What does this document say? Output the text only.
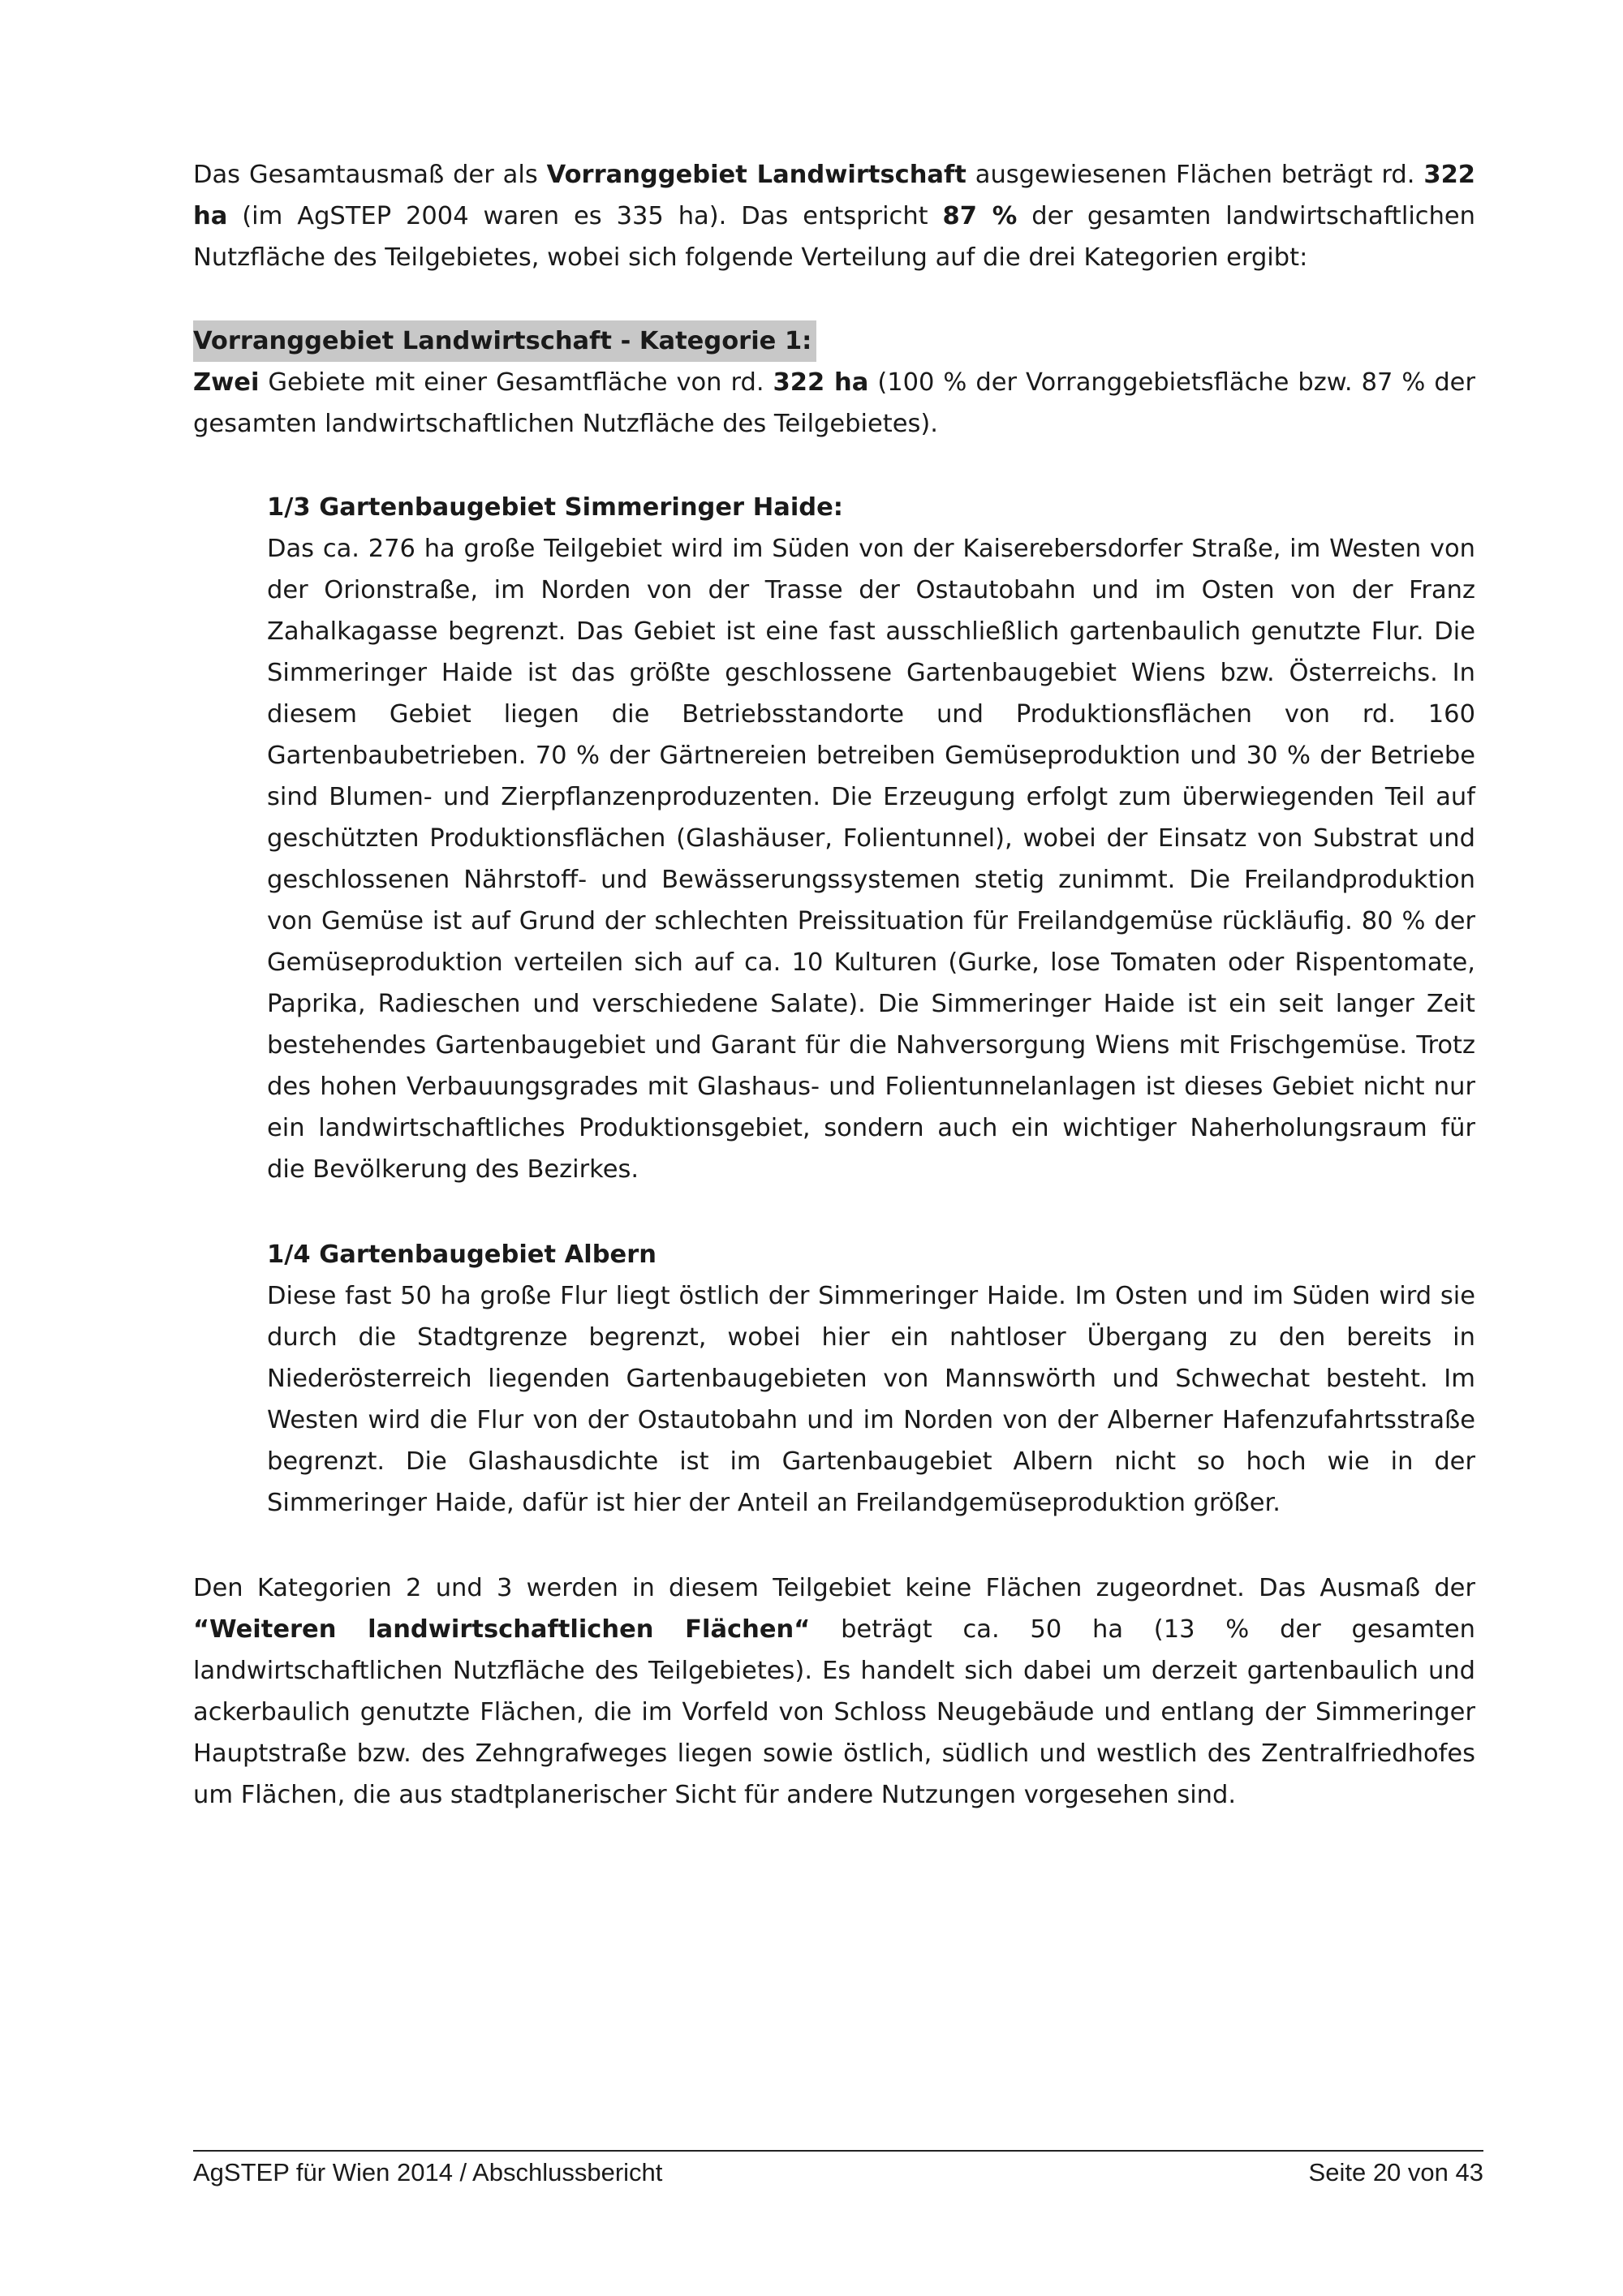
Das Gesamtausmaß der als Vorranggebiet Landwirtschaft ausgewiesenen Flächen beträgt rd. 322 ha (im AgSTEP 2004 waren es 335 ha). Das entspricht 87 % der gesamten landwirtschaftlichen Nutzfläche des Teilgebietes, wobei sich folgende Verteilung auf die drei Kategorien ergibt:

Vorranggebiet Landwirtschaft - Kategorie 1:

Zwei Gebiete mit einer Gesamtfläche von rd. 322 ha (100 % der Vorranggebietsfläche bzw. 87 % der gesamten landwirtschaftlichen Nutzfläche des Teilgebietes).

1/3 Gartenbaugebiet Simmeringer Haide:

Das ca. 276 ha große Teilgebiet wird im Süden von der Kaiserebersdorfer Straße, im Westen von der Orionstraße, im Norden von der Trasse der Ostautobahn und im Osten von der Franz Zahalkagasse begrenzt. Das Gebiet ist eine fast ausschließlich gartenbaulich genutzte Flur. Die Simmeringer Haide ist das größte geschlossene Gartenbaugebiet Wiens bzw. Österreichs. In diesem Gebiet liegen die Betriebsstandorte und Produktionsflächen von rd. 160 Gartenbaubetrieben. 70 % der Gärtnereien betreiben Gemüseproduktion und 30 % der Betriebe sind Blumen- und Zierpflanzenproduzenten. Die Erzeugung erfolgt zum überwiegenden Teil auf geschützten Produktionsflächen (Glashäuser, Folientunnel), wobei der Einsatz von Substrat und geschlossenen Nährstoff- und Bewässerungssystemen stetig zunimmt. Die Freilandproduktion von Gemüse ist auf Grund der schlechten Preissituation für Freilandgemüse rückläufig. 80 % der Gemüseproduktion verteilen sich auf ca. 10 Kulturen (Gurke, lose Tomaten oder Rispentomate, Paprika, Radieschen und verschiedene Salate). Die Simmeringer Haide ist ein seit langer Zeit bestehendes Gartenbaugebiet und Garant für die Nahversorgung Wiens mit Frischgemüse. Trotz des hohen Verbauungsgrades mit Glashaus- und Folientunnelanlagen ist dieses Gebiet nicht nur ein landwirtschaftliches Produktionsgebiet, sondern auch ein wichtiger Naherholungsraum für die Bevölkerung des Bezirkes.

1/4 Gartenbaugebiet Albern

Diese fast 50 ha große Flur liegt östlich der Simmeringer Haide. Im Osten und im Süden wird sie durch die Stadtgrenze begrenzt, wobei hier ein nahtloser Übergang zu den bereits in Niederösterreich liegenden Gartenbaugebieten von Mannswörth und Schwechat besteht. Im Westen wird die Flur von der Ostautobahn und im Norden von der Alberner Hafenzufahrtsstraße begrenzt. Die Glashausdichte ist im Gartenbaugebiet Albern nicht so hoch wie in der Simmeringer Haide, dafür ist hier der Anteil an Freilandgemüseproduktion größer.

Den Kategorien 2 und 3 werden in diesem Teilgebiet keine Flächen zugeordnet. Das Ausmaß der “Weiteren landwirtschaftlichen Flächen“ beträgt ca. 50 ha (13 % der gesamten landwirtschaftlichen Nutzfläche des Teilgebietes). Es handelt sich dabei um derzeit gartenbaulich und ackerbaulich genutzte Flächen, die im Vorfeld von Schloss Neugebäude und entlang der Simmeringer Hauptstraße bzw. des Zehngrafweges liegen sowie östlich, südlich und westlich des Zentralfriedhofes um Flächen, die aus stadtplanerischer Sicht für andere Nutzungen vorgesehen sind.

AgSTEP für Wien 2014 / Abschlussbericht	Seite 20 von 43
